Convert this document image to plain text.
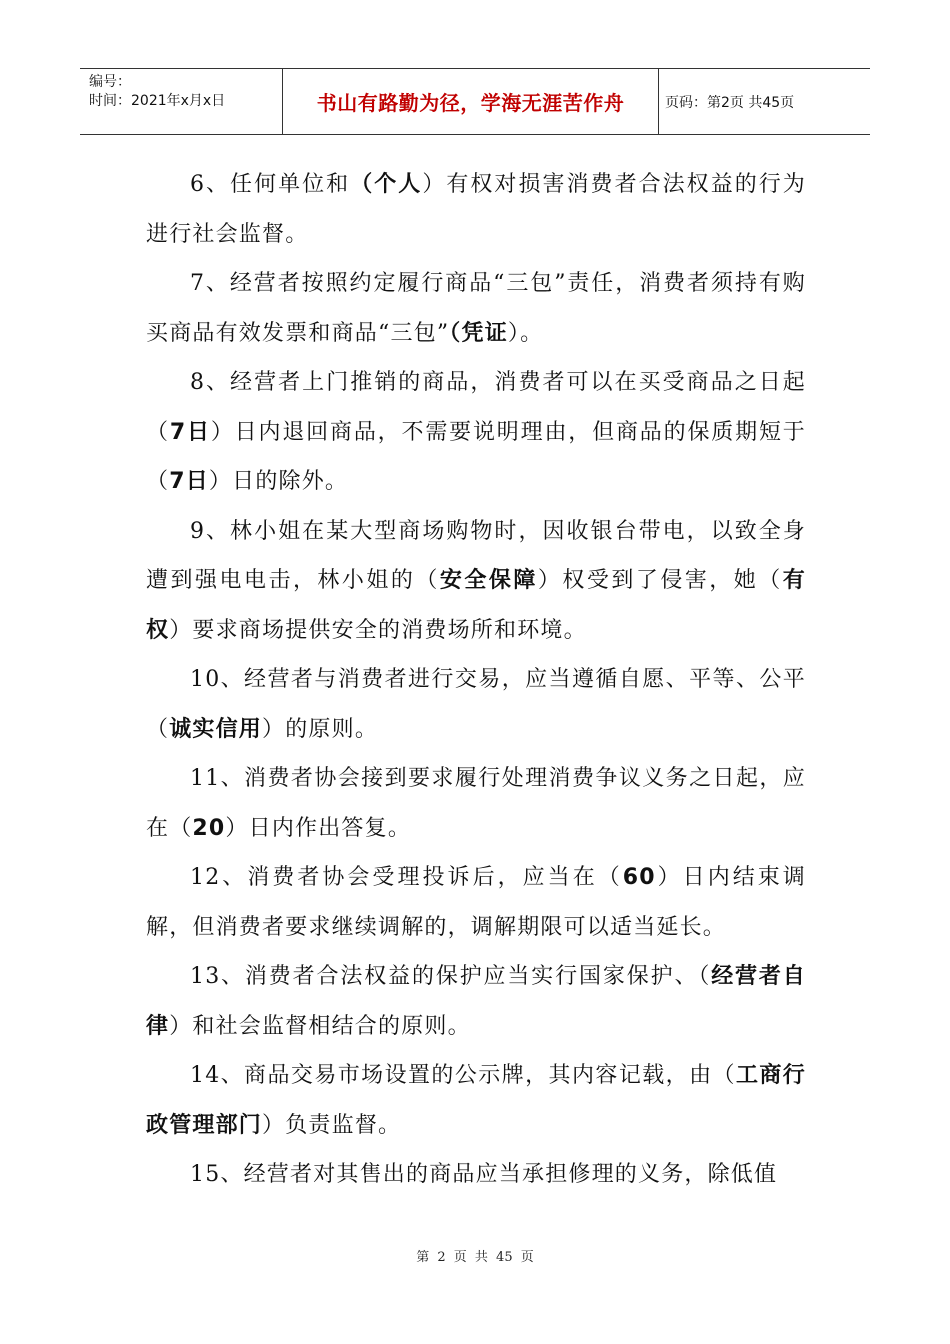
编号：
时间：2021年x月x日	书山有路勤为径，学海无涯苦作舟	页码：第2页 共45页

6、任何单位和（个人）有权对损害消费者合法权益的行为进行社会监督。

7、经营者按照约定履行商品“三包”责任，消费者须持有购买商品有效发票和商品“三包”（凭证）。

8、经营者上门推销的商品，消费者可以在买受商品之日起（7日）日内退回商品，不需要说明理由，但商品的保质期短于（7日）日的除外。

9、林小姐在某大型商场购物时，因收银台带电，以致全身遭到强电电击，林小姐的（安全保障）权受到了侵害，她（有权）要求商场提供安全的消费场所和环境。

10、经营者与消费者进行交易，应当遵循自愿、平等、公平（诚实信用）的原则。

11、消费者协会接到要求履行处理消费争议义务之日起，应在（20）日内作出答复。

12、消费者协会受理投诉后，应当在（60）日内结束调解，但消费者要求继续调解的，调解期限可以适当延长。

13、消费者合法权益的保护应当实行国家保护、（经营者自律）和社会监督相结合的原则。

14、商品交易市场设置的公示牌，其内容记载，由（工商行政管理部门）负责监督。

15、经营者对其售出的商品应当承担修理的义务，除低值

第 2 页 共 45 页
